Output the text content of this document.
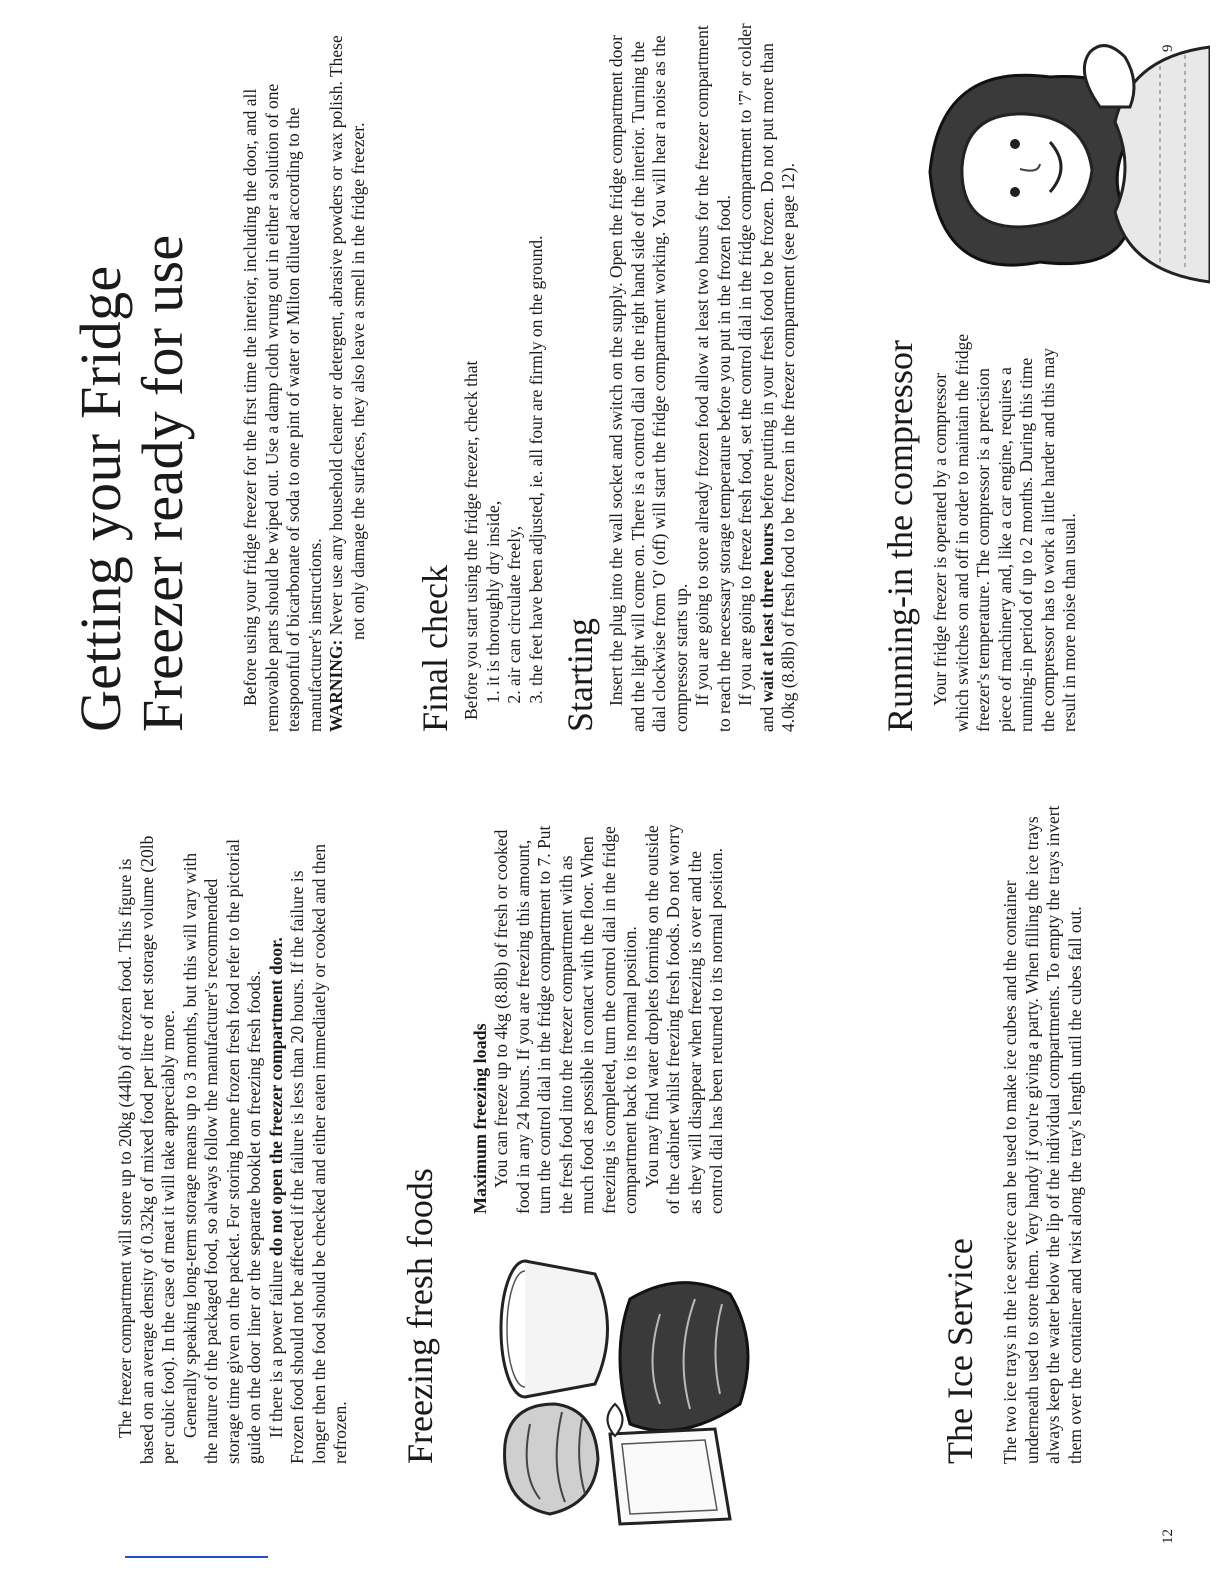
The freezer compartment will store up to 20kg (44lb) of frozen food. This figure is based on an average density of 0.32kg of mixed food per litre of net storage volume (20lb per cubic foot). In the case of meat it will take appreciably more. Generally speaking long-term storage means up to 3 months, but this will vary with the nature of the packaged food, so always follow the manufacturer's recommended storage time given on the packet. For storing home frozen fresh food refer to the pictorial guide on the door liner or the separate booklet on freezing fresh foods. If there is a power failure do not open the freezer compartment door. Frozen food should not be affected if the failure is less than 20 hours. If the failure is longer then the food should be checked and either eaten immediately or cooked and then refrozen. Freezing fresh foods
Maximum freezing loads You can freeze up to 4kg (8.8lb) of fresh or cooked food in any 24 hours. If you are freezing this amount, turn the control dial in the fridge compartment to 7. Put the fresh food into the freezer compartment with as much food as possible in contact with the floor. When freezing is completed, turn the control dial in the fridge compartment back to its normal position. You may find water droplets forming on the outside of the cabinet whilst freezing fresh foods. Do not worry as they will disappear when freezing is over and the control dial has been returned to its normal position.

The Ice Service The two ice trays in the ice service can be used to make ice cubes and the container underneath used to store them. Very handy if you're giving a party. When filling the ice trays always keep the water below the lip of the individual compartments. To empty the trays invert them over the container and twist along the tray's length until the cubes fall out.

12
Getting your Fridge
Freezer ready for use	Before using your fridge freezer for the first time the interior, including the door, and all removable parts should be wiped out. Use a damp cloth wrung out in either a solution of one teaspoonful of bicarbonate of soda to one pint of water or Milton diluted according to the manufacturer's instructions. WARNING: Never use any household cleaner or detergent, abrasive powders or wax polish. These not only damage the surfaces, they also leave a smell in the fridge freezer.

Final check Before you start using the fridge freezer, check that 1. it is thoroughly dry inside, 2. air can circulate freely, 3. the feet have been adjusted, ie. all four are firmly on the ground. Starting Insert the plug into the wall socket and switch on the supply. Open the fridge compartment door and the light will come on. There is a control dial on the right hand side of the interior. Turning the dial clockwise from 'O' (off) will start the fridge compartment working. You will hear a noise as the compressor starts up. If you are going to store already frozen food allow at least two hours for the freezer compartment to reach the necessary storage temperature before you put in the frozen food. If you are going to freeze fresh food, set the control dial in the fridge compartment to '7' or colder and wait at least three hours before putting in your fresh food to be frozen. Do not put more than 4.0kg (8.8lb) of fresh food to be frozen in the freezer compartment (see page 12). Running-in the compressor Your fridge freezer is operated by a compressor which switches on and off in order to maintain the fridge freezer's temperature. The compressor is a precision piece of machinery and, like a car engine, requires a running-in period of up to 2 months. During this time the compressor has to work a little harder and this may result in more noise than usual.

9
